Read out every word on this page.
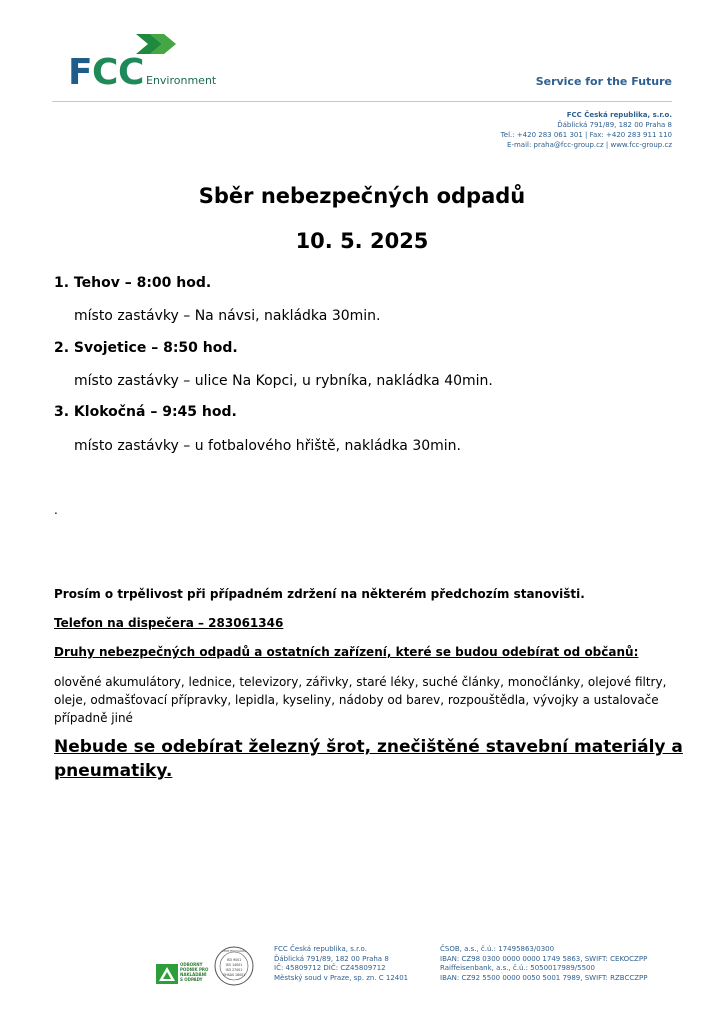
F C C Environment	Service for the Future
FCC Česká republika, s.r.o.
Ďáblická 791/89, 182 00 Praha 8
Tel.: +420 283 061 301 | Fax: +420 283 911 110
E-mail: praha@fcc-group.cz | www.fcc-group.cz
Sběr nebezpečných odpadů
10. 5. 2025
1. Tehov – 8:00 hod.
místo zastávky – Na návsi, nakládka 30min.
2. Svojetice – 8:50 hod.
místo zastávky – ulice Na Kopci, u rybníka, nakládka 40min.
3. Klokočná – 9:45 hod.
místo zastávky – u fotbalového hřiště, nakládka 30min.
.
Prosím o trpělivost při případném zdržení na některém předchozím stanovišti.
Telefon na dispečera – 283061346
Druhy nebezpečných odpadů a ostatních zařízení, které se budou odebírat od občanů:
olověné akumulátory, lednice, televizory, zářivky, staré léky, suché články, monočlánky, olejové filtry, oleje, odmašťovací přípravky, lepidla, kyseliny, nádoby od barev, rozpouštědla, vývojky a ustalovače případně jiné
Nebude se odebírat železný šrot, znečištěné stavební materiály a pneumatiky.
ODBORNÝ
PODNIK PRO
NAKLÁDÁNÍ
S ODPADY
CERTIFIKOVÁNO
ISO 9001
ISO 14001
ISO 27001
OHSAS 18001
FCC Česká republika, s.r.o.
Ďáblická 791/89, 182 00 Praha 8
IČ: 45809712 DIČ: CZ45809712
Městský soud v Praze, sp. zn. C 12401
ČSOB, a.s., č.ú.: 17495863/0300
IBAN: CZ98 0300 0000 0000 1749 5863, SWIFT: CEKOCZPP
Raiffeisenbank, a.s., č.ú.: 5050017989/5500
IBAN: CZ92 5500 0000 0050 5001 7989, SWIFT: RZBCCZPP
